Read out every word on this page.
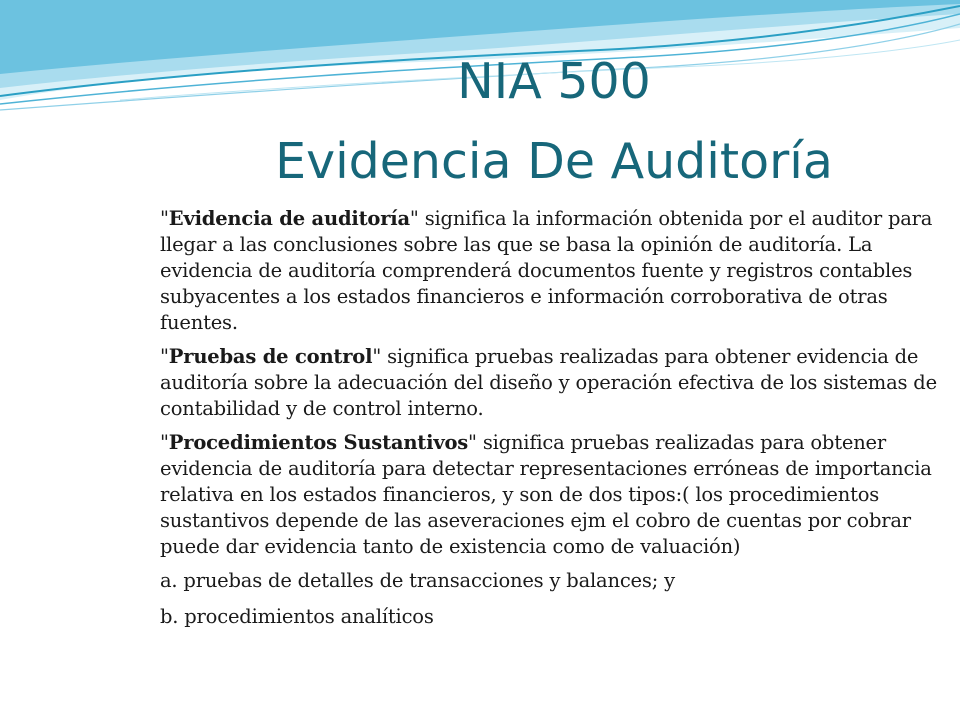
NIA 500
Evidencia De Auditoría

"Evidencia de auditoría" significa la información obtenida por el auditor para llegar a las conclusiones sobre las que se basa la opinión de auditoría. La evidencia de auditoría comprenderá documentos fuente y registros contables subyacentes a los estados financieros e información corroborativa de otras fuentes.

"Pruebas de control" significa pruebas realizadas para obtener evidencia de auditoría sobre la adecuación del diseño y operación efectiva de los sistemas de contabilidad y de control interno.

"Procedimientos Sustantivos" significa pruebas realizadas para obtener evidencia de auditoría para detectar representaciones erróneas de importancia relativa en los estados financieros, y son de dos tipos:( los procedimientos sustantivos depende de las aseveraciones ejm el cobro de cuentas por cobrar puede dar evidencia tanto de existencia como de valuación)

a. pruebas de detalles de transacciones y balances; y

b. procedimientos analíticos
